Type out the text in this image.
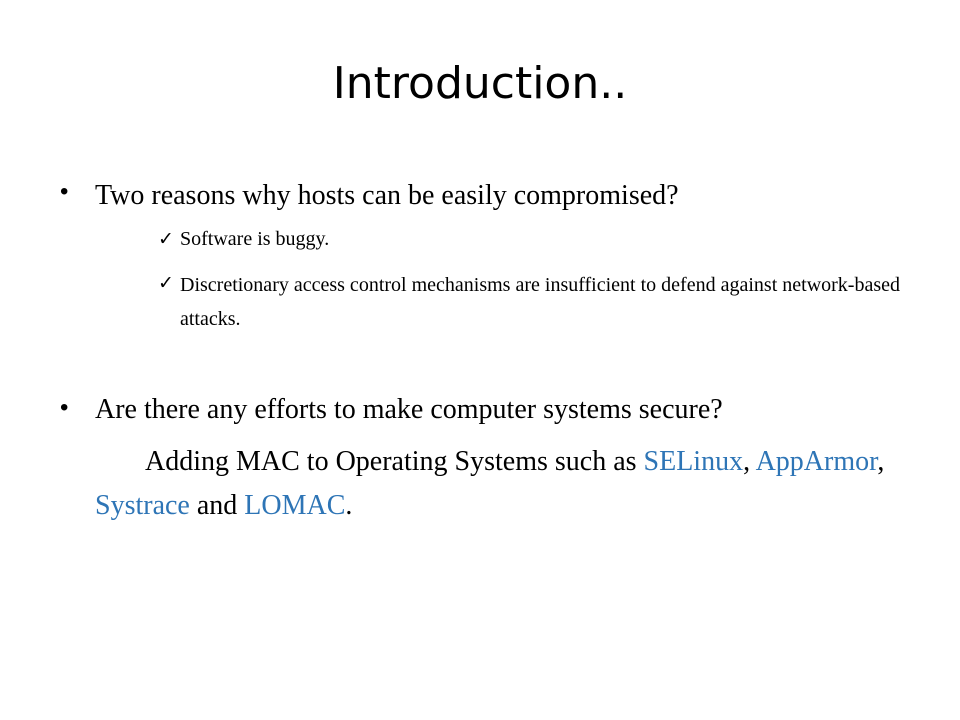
Introduction..
• Two reasons why hosts can be easily compromised?
✓ Software is buggy.
✓ Discretionary access control mechanisms are insufficient to defend against network-based attacks.
• Are there any efforts to make computer systems secure?
Adding MAC to Operating Systems such as SELinux, AppArmor, Systrace and LOMAC.
